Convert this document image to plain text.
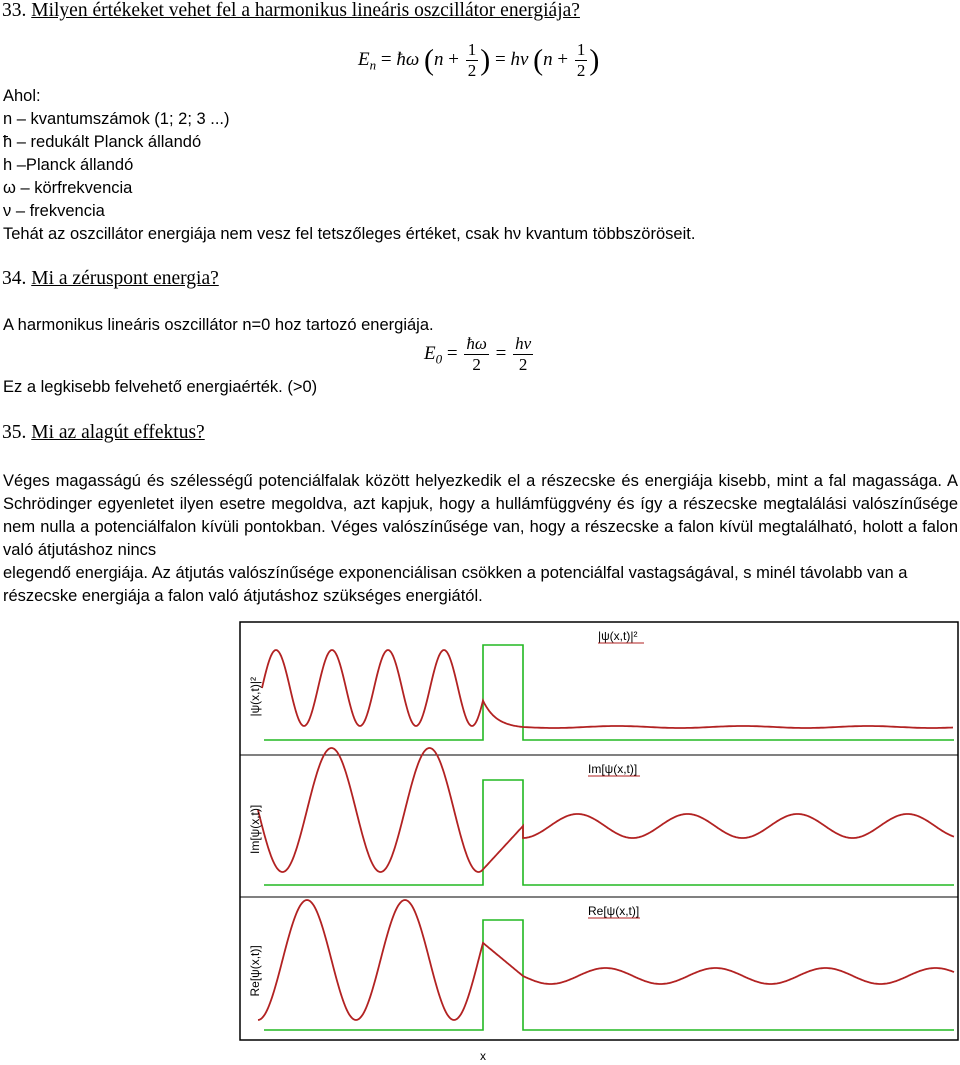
33. Milyen értékeket vehet fel a harmonikus lineáris oszcillátor energiája?
$E_n$ = ħω ($n + \frac{1}{2}$ ) = hν ($n + \frac{1}{2}$ )
Ahol:
n – kvantumszámok (1; 2; 3 ...)
ħ – redukált Planck állandó
h –Planck állandó
ω – körfrekvencia
ν – frekvencia
Tehát az oszcillátor energiája nem vesz fel tetszőleges értéket, csak hν kvantum többszöröseit.
34. Mi a zéruspont energia?
A harmonikus lineáris oszcillátor n=0 hoz tartozó energiája.
$E_0 = \frac{ħ\omega}{2} = \frac{h\nu}{2}$
Ez a legkisebb felvehető energiaérték. (>0)
35. Mi az alagút effektus?
Véges magasságú és szélességű potenciálfalak között helyezkedik el a részecske és energiája kisebb, mint a fal magassága. A Schrödinger egyenletet ilyen esetre megoldva, azt kapjuk, hogy a hullámfüggvény és így a részecske megtalálási valószínűsége nem nulla a potenciálfalon kívüli pontokban. Véges valószínűsége van, hogy a részecske a falon kívül megtalálható, holott a falon való átjutáshoz nincs
elegendő energiája. Az átjutás valószínűsége exponenciálisan csökken a potenciálfal vastagságával, s minél távolabb van a részecske energiája a falon való átjutáshoz szükséges energiától.
|ψ(x,t)|²
|ψ(x,t)|²
Im[ψ(x,t)]
Im[ψ(x,t)]
Re[ψ(x,t)]
Re[ψ(x,t)]
x
